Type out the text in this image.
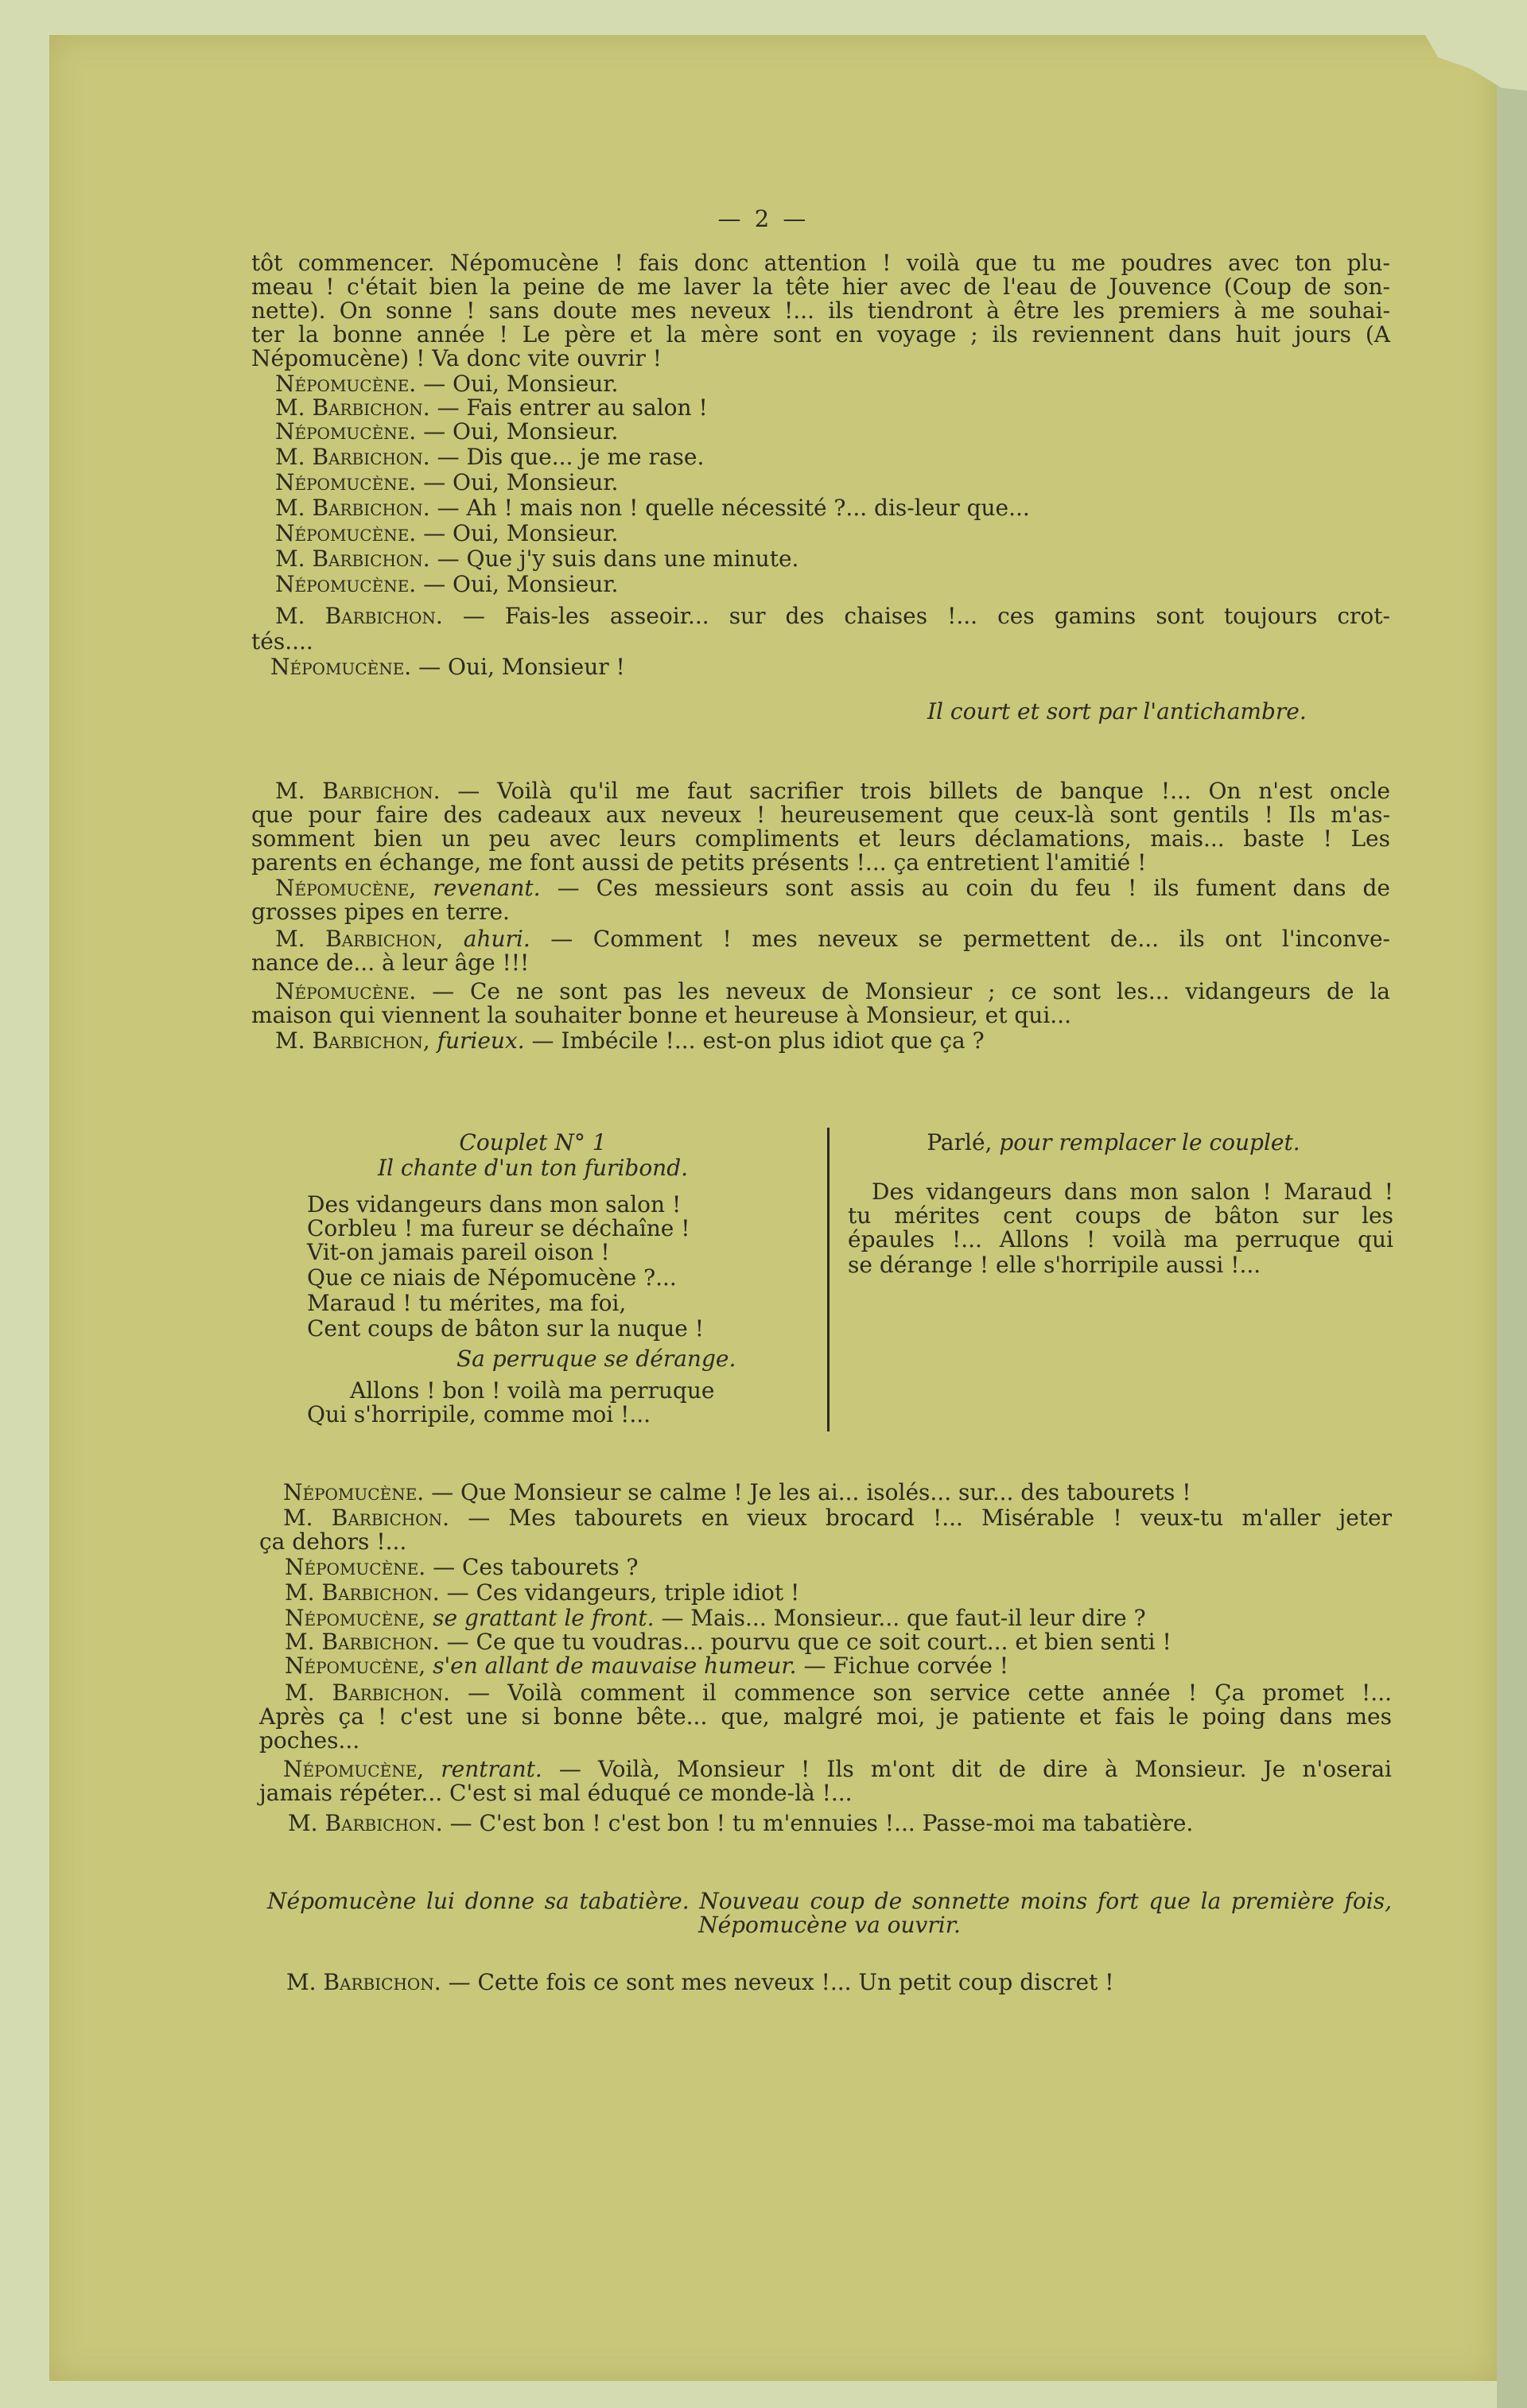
— 2 —
tôt commencer. Népomucène ! fais donc attention ! voilà que tu me poudres avec ton plu-
meau ! c'était bien la peine de me laver la tête hier avec de l'eau de Jouvence (Coup de son-
nette). On sonne ! sans doute mes neveux !... ils tiendront à être les premiers à me souhai-
ter la bonne année ! Le père et la mère sont en voyage ; ils reviennent dans huit jours (A
Népomucène) ! Va donc vite ouvrir !
Népomucène. — Oui, Monsieur.
M. Barbichon. — Fais entrer au salon !
Népomucène. — Oui, Monsieur.
M. Barbichon. — Dis que... je me rase.
Népomucène. — Oui, Monsieur.
M. Barbichon. — Ah ! mais non ! quelle nécessité ?... dis-leur que...
Népomucène. — Oui, Monsieur.
M. Barbichon. — Que j'y suis dans une minute.
Népomucène. — Oui, Monsieur.
M. Barbichon. — Fais-les asseoir... sur des chaises !... ces gamins sont toujours crot-
tés....
Népomucène. — Oui, Monsieur !
Il court et sort par l'antichambre.
M. Barbichon. — Voilà qu'il me faut sacrifier trois billets de banque !... On n'est oncle
que pour faire des cadeaux aux neveux ! heureusement que ceux-là sont gentils ! Ils m'as-
somment bien un peu avec leurs compliments et leurs déclamations, mais... baste ! Les
parents en échange, me font aussi de petits présents !... ça entretient l'amitié !
Népomucène, revenant. — Ces messieurs sont assis au coin du feu ! ils fument dans de
grosses pipes en terre.
M. Barbichon, ahuri. — Comment ! mes neveux se permettent de... ils ont l'inconve-
nance de... à leur âge !!!
Népomucène. — Ce ne sont pas les neveux de Monsieur ; ce sont les... vidangeurs de la
maison qui viennent la souhaiter bonne et heureuse à Monsieur, et qui...
M. Barbichon, furieux. — Imbécile !... est-on plus idiot que ça ?
Couplet N° 1
Il chante d'un ton furibond.
Des vidangeurs dans mon salon !
Corbleu ! ma fureur se déchaîne !
Vit-on jamais pareil oison !
Que ce niais de Népomucène ?...
Maraud ! tu mérites, ma foi,
Cent coups de bâton sur la nuque !
Sa perruque se dérange.
Allons ! bon ! voilà ma perruque
Qui s'horripile, comme moi !...
Parlé, pour remplacer le couplet.
Des vidangeurs dans mon salon ! Maraud !
tu mérites cent coups de bâton sur les
épaules !... Allons ! voilà ma perruque qui
se dérange ! elle s'horripile aussi !...
Népomucène. — Que Monsieur se calme ! Je les ai... isolés... sur... des tabourets !
M. Barbichon. — Mes tabourets en vieux brocard !... Misérable ! veux-tu m'aller jeter
ça dehors !...
Népomucène. — Ces tabourets ?
M. Barbichon. — Ces vidangeurs, triple idiot !
Népomucène, se grattant le front. — Mais... Monsieur... que faut-il leur dire ?
M. Barbichon. — Ce que tu voudras... pourvu que ce soit court... et bien senti !
Népomucène, s'en allant de mauvaise humeur. — Fichue corvée !
M. Barbichon. — Voilà comment il commence son service cette année ! Ça promet !...
Après ça ! c'est une si bonne bête... que, malgré moi, je patiente et fais le poing dans mes
poches...
Népomucène, rentrant. — Voilà, Monsieur ! Ils m'ont dit de dire à Monsieur. Je n'oserai
jamais répéter... C'est si mal éduqué ce monde-là !...
M. Barbichon. — C'est bon ! c'est bon ! tu m'ennuies !... Passe-moi ma tabatière.
Népomucène lui donne sa tabatière. Nouveau coup de sonnette moins fort que la première fois,
Népomucène va ouvrir.
M. Barbichon. — Cette fois ce sont mes neveux !... Un petit coup discret !
